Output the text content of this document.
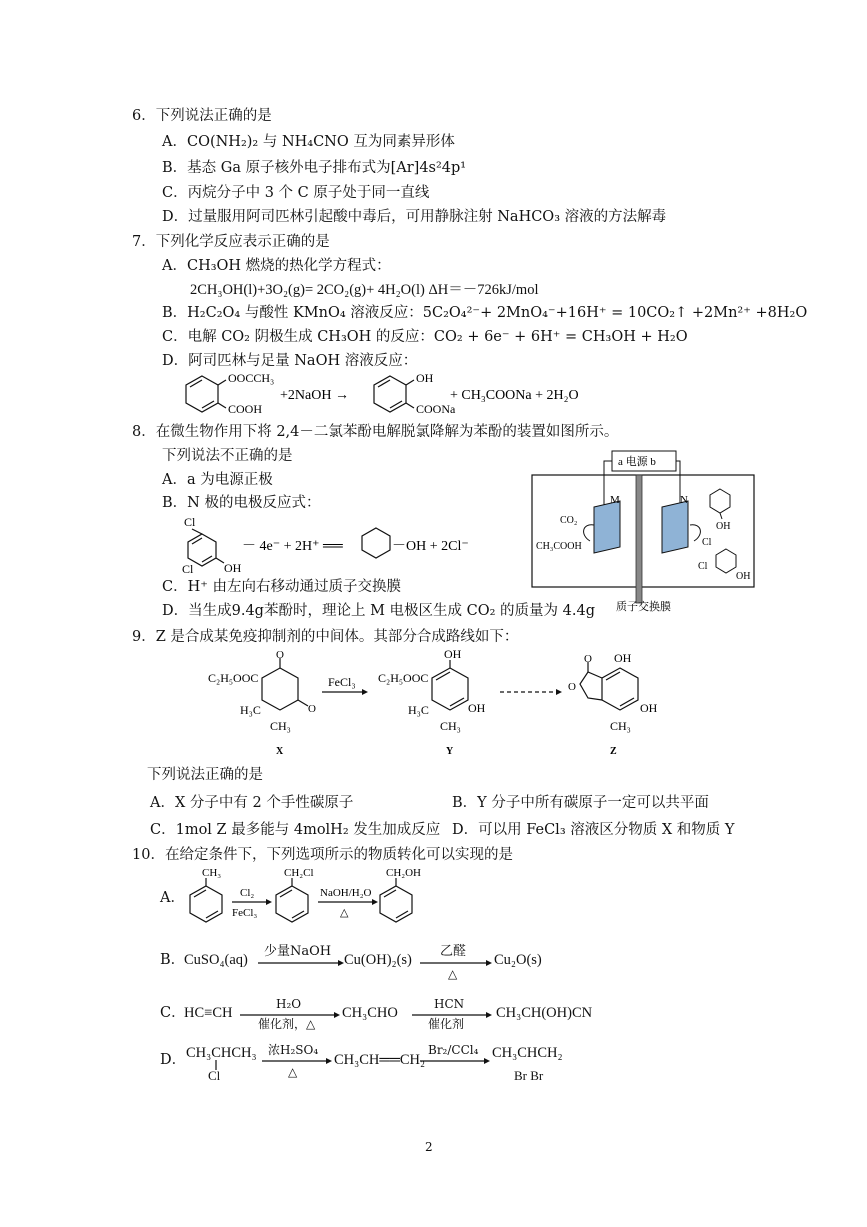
6．下列说法正确的是
A．CO(NH₂)₂ 与 NH₄CNO 互为同素异形体
B．基态 Ga 原子核外电子排布式为[Ar]4s²4p¹
C．丙烷分子中 3 个 C 原子处于同一直线
D．过量服用阿司匹林引起酸中毒后，可用静脉注射 NaHCO₃ 溶液的方法解毒
7．下列化学反应表示正确的是
A．CH₃OH 燃烧的热化学方程式：
2CH₃OH(l)+3O₂(g)= 2CO₂(g)+ 4H₂O(l) ΔH＝－726kJ/mol
B．H₂C₂O₄ 与酸性 KMnO₄ 溶液反应：5C₂O₄²⁻+ 2MnO₄⁻+16H⁺ = 10CO₂↑ +2Mn²⁺ +8H₂O
C．电解 CO₂ 阴极生成 CH₃OH 的反应：CO₂ + 6e⁻ + 6H⁺ = CH₃OH + H₂O
D．阿司匹林与足量 NaOH 溶液反应：
OOCCH₃
COOH
+2NaOH →
OH
COONa
+ CH₃COONa + 2H₂O
8．在微生物作用下将 2,4－二氯苯酚电解脱氯降解为苯酚的装置如图所示。
下列说法不正确的是
A．a 为电源正极
B．N 极的电极反应式：
Cl
Cl	OH
－ 4e⁻ + 2H⁺ ══	－OH + 2Cl⁻
C．H⁺ 由左向右移动通过质子交换膜
D．当生成9.4g苯酚时，理论上 M 电极区生成 CO₂ 的质量为 4.4g
a 电源 b
M	N
CO₂
CH₃COOH
OH
Cl
Cl
OH
质子交换膜
9．Z 是合成某免疫抑制剂的中间体。其部分合成路线如下：
O
O
C₂H₅OOC
H₃C
CH₃
X
FeCl₃
OH
OH
C₂H₅OOC
H₃C
CH₃
Y
O
O
OH
OH
CH₃
Z
下列说法正确的是
A．X 分子中有 2 个手性碳原子	B．Y 分子中所有碳原子一定可以共平面
C．1mol Z 最多能与 4molH₂ 发生加成反应 D．可以用 FeCl₃ 溶液区分物质 X 和物质 Y
10．在给定条件下，下列选项所示的物质转化可以实现的是
A．
CH₃
Cl₂
FeCl₃
CH₂Cl
NaOH/H₂O
△
CH₂OH
B．
CuSO₄(aq)
少量NaOH
Cu(OH)₂(s)
乙醛
△
Cu₂O(s)
C．
HC≡CH
H₂O
催化剂，△
CH₃CHO
HCN
催化剂
CH₃CH(OH)CN
D． CH₃CHCH₃
Cl
浓H₂SO₄
△
CH₃CH══CH₂
Br₂/CCl₄ CH₃CHCH₂
Br Br
2
